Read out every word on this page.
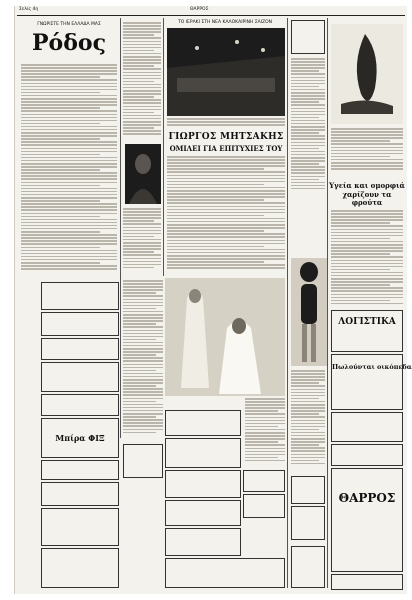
Σελίς 4η	ΘΑΡΡΟΣ
ΓΝΩΡΙΣΤΕ ΤΗΝ ΕΛΛΑΔΑ ΜΑΣ
Ρόδος
Μπίρα ΦΙΞ
ΤΟ ΙΕΡΑΚΙ ΣΤΗ ΝΕΑ ΚΑΛΟΚΑΙΡΙΝΗ ΣΑΙΖΟΝ
ΓΙΩΡΓΟΣ ΜΗΤΣΑΚΗΣ
ΟΜΙΛΕΙ ΓΙΑ ΕΠΙΤΥΧΙΕΣ ΤΟΥ
Υγεία και ομορφιά χαρίζουν τα φρούτα
ΛΟΓΙΣΤΙΚΑ
Πωλούνται οικόπεδα
ΘΑΡΡΟΣ
